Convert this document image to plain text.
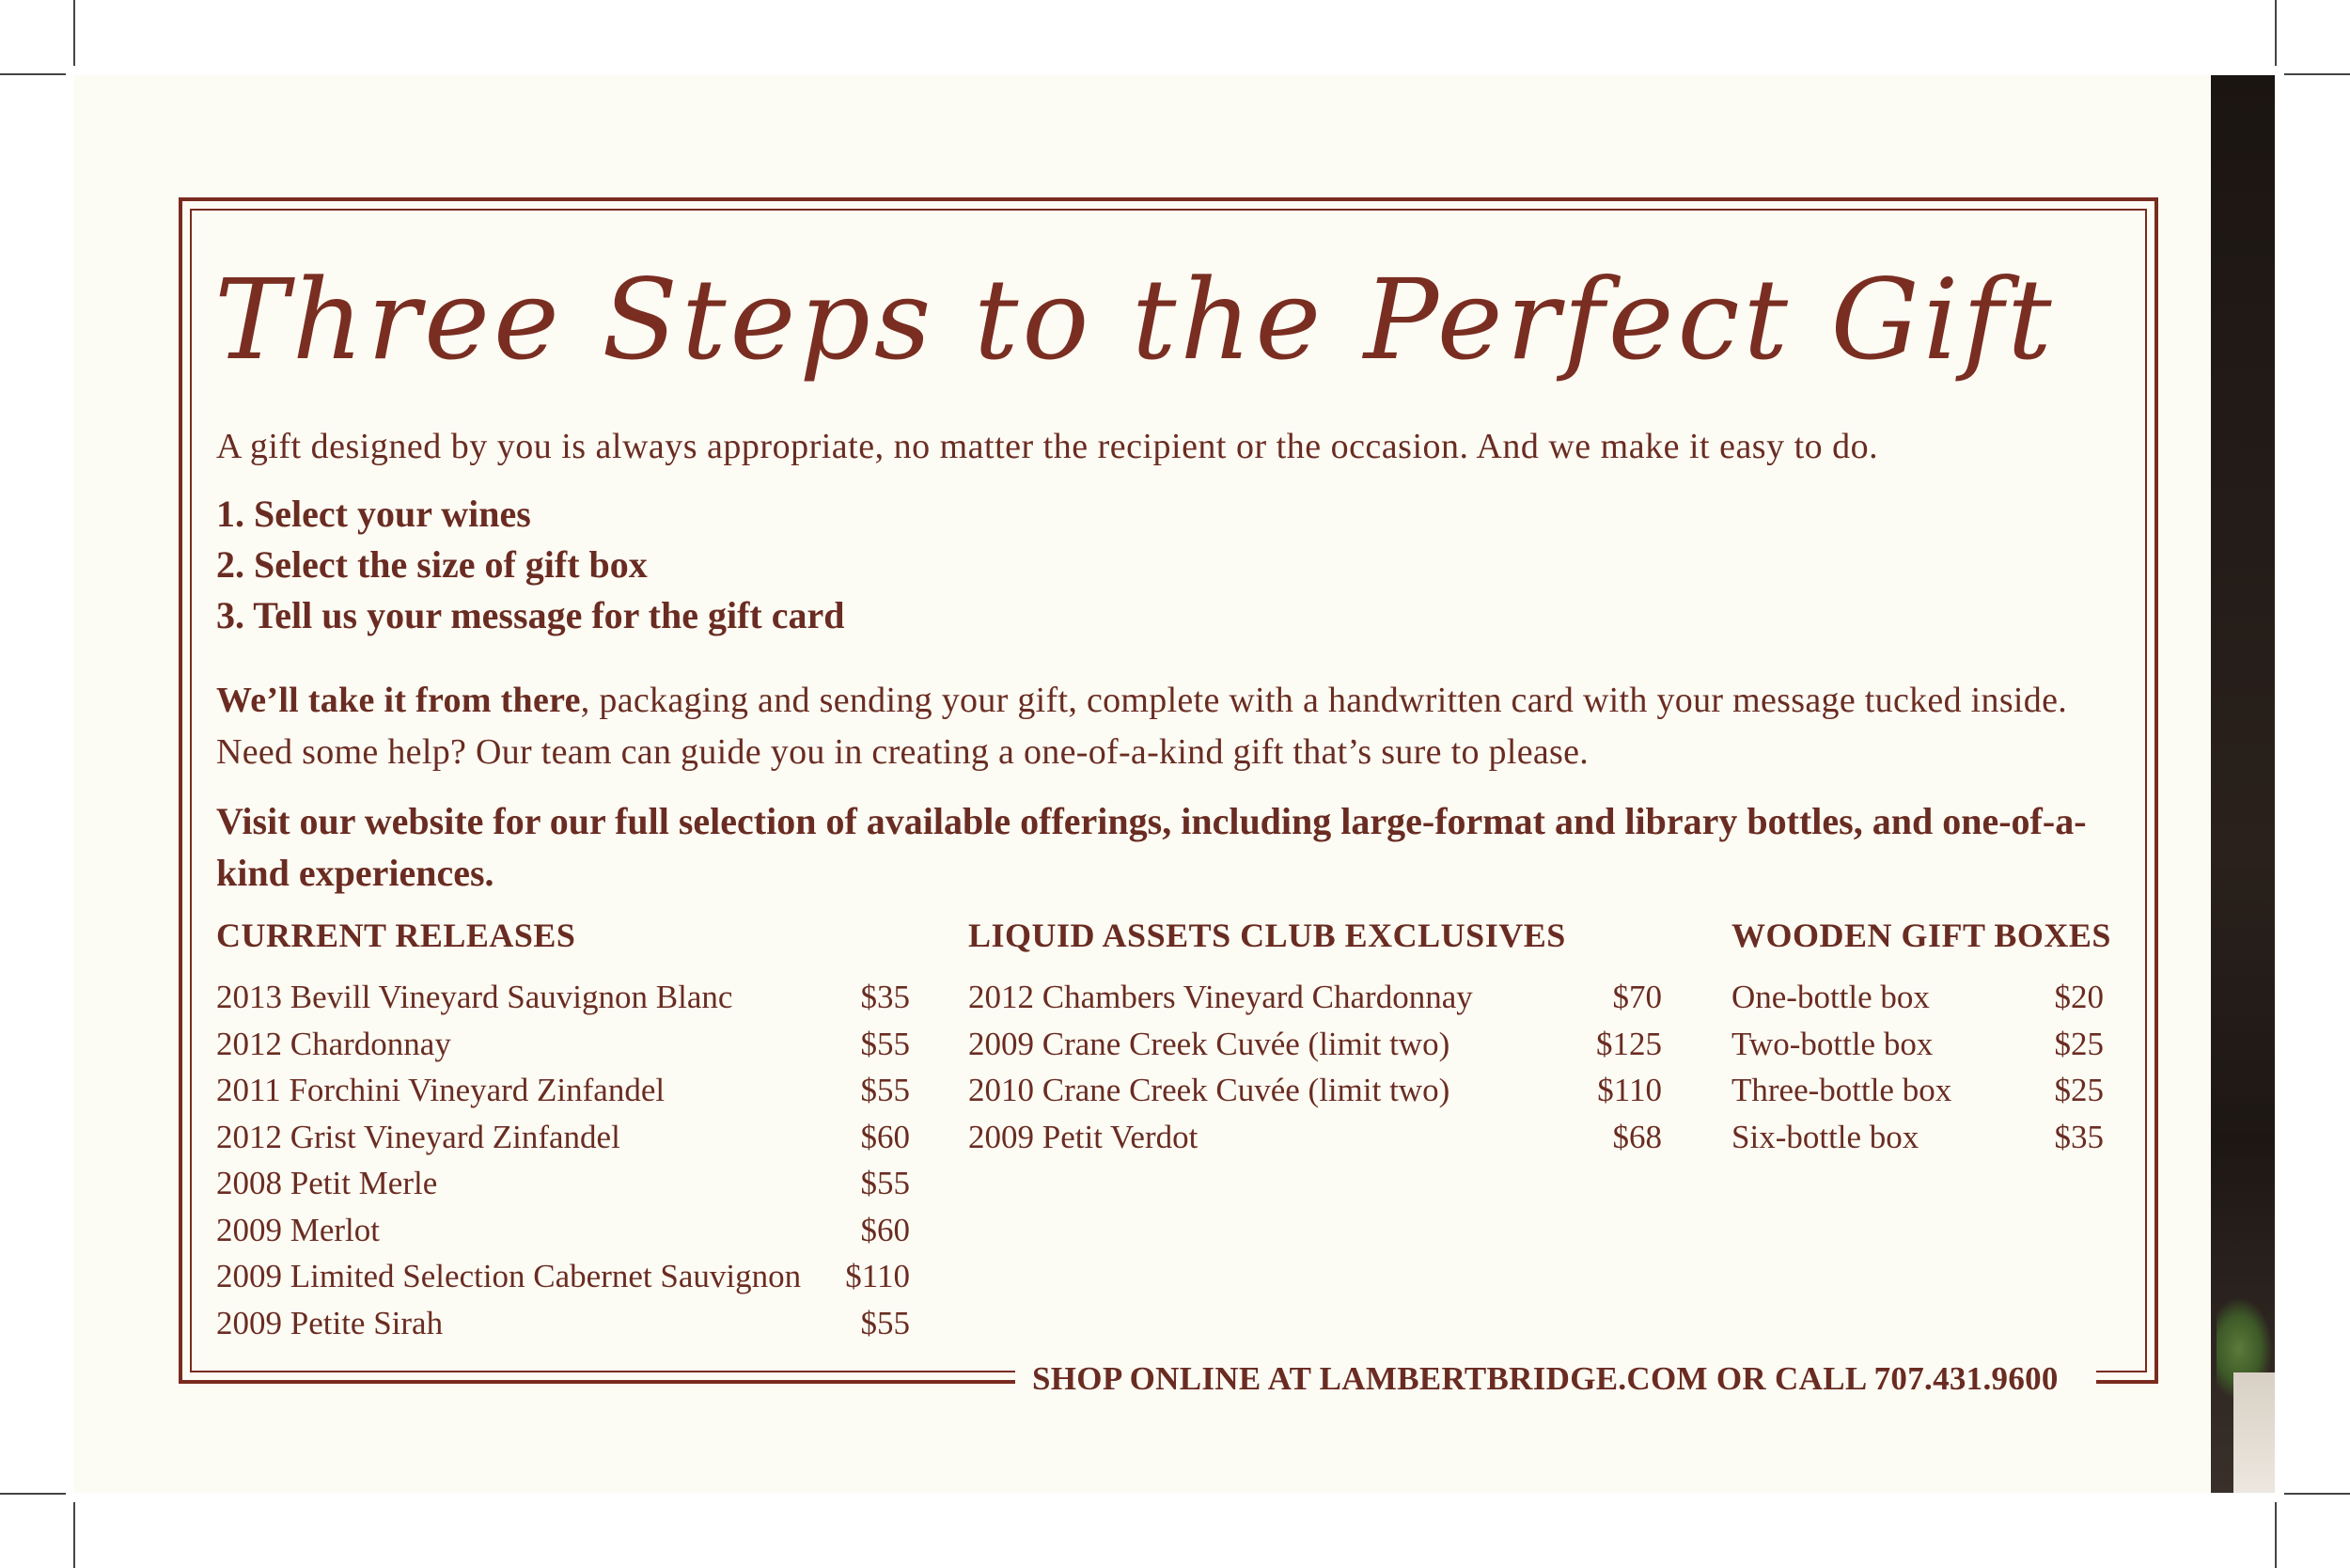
Three Steps to the Perfect Gift
A gift designed by you is always appropriate, no matter the recipient or the occasion. And we make it easy to do.
1. Select your wines
2. Select the size of gift box
3. Tell us your message for the gift card
We’ll take it from there, packaging and sending your gift, complete with a handwritten card with your message tucked inside. Need some help? Our team can guide you in creating a one-of-a-kind gift that’s sure to please.
Visit our website for our full selection of available offerings, including large-format and library bottles, and one-of-a-kind experiences.
CURRENT RELEASES
2013 Bevill Vineyard Sauvignon Blanc	$35
2012 Chardonnay	$55
2011 Forchini Vineyard Zinfandel	$55
2012 Grist Vineyard Zinfandel	$60
2008 Petit Merle	$55
2009 Merlot	$60
2009 Limited Selection Cabernet Sauvignon $110
2009 Petite Sirah	$55
LIQUID ASSETS CLUB EXCLUSIVES
2012 Chambers Vineyard Chardonnay	$70
2009 Crane Creek Cuvée (limit two)	$125
2010 Crane Creek Cuvée (limit two)	$110
2009 Petit Verdot	$68
WOODEN GIFT BOXES
One-bottle box	$20
Two-bottle box	$25
Three-bottle box	$25
Six-bottle box	$35
SHOP ONLINE AT LAMBERTBRIDGE.COM OR CALL 707.431.9600
